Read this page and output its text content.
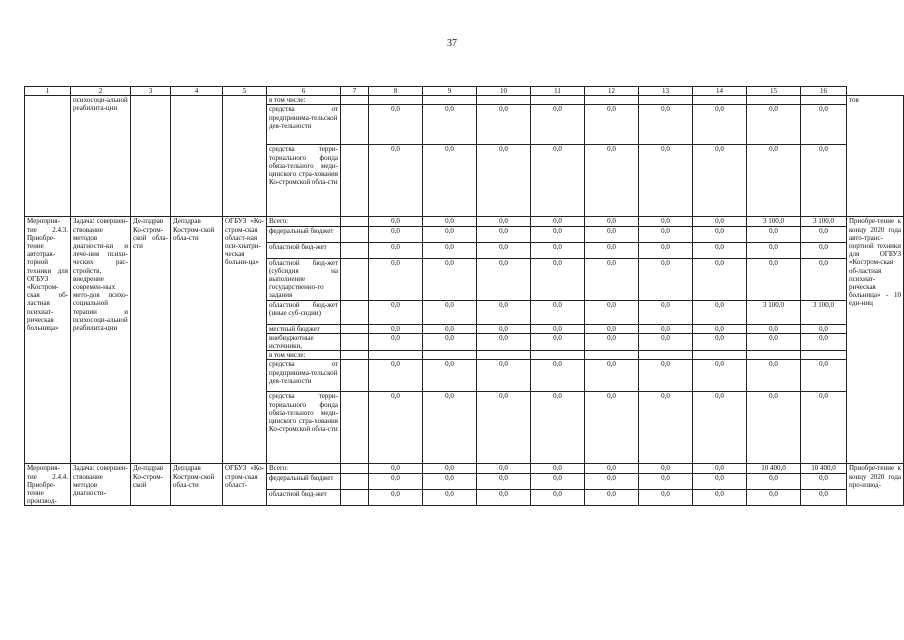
37
1	2	3	4	5	6	7	8	9	10	11	12	13	14	15	16	
	психосоци-альной реабилита-ции				в том числе:											тов
					средства от предпринима-тельской дея-тельности		0,0	0,0	0,0	0,0	0,0	0,0	0,0	0,0	0,0	
					средства терри-ториального фонда обяза-тельного меди-цинского стра-хования Ко-стромской обла-сти		0,0	0,0	0,0	0,0	0,0	0,0	0,0	0,0	0,0	
Мероприя-тие 2.4.3. Приобре-тение автотрак-торной техники для ОГБУЗ «Костром-ская об-ластная психиат-рическая больница»	Задача: совершен-ствование методов диагности-ки и лече-ния психи-ческих рас-стройств, внедрение современ-ных мето-дов психо-социальной терапии и психосоци-альной реабилита-ции	Де-пздрав Ко-стром-ской обла-сти	Депздрав Костром-ской обла-сти	ОГБУЗ «Ко-стром-ская област-ная пси-хиатри-ческая больни-ца»	Всего:		0,0	0,0	0,0	0,0	0,0	0,0	0,0	3 100,0	3 100,0	Приобре-тение к концу 2020 года авто-транс-портной техники для ОГБУЗ «Костром-ская об-ластная психиат-рическая больница» - 10 еди-ниц
					федеральный бюджет		0,0	0,0	0,0	0,0	0,0	0,0	0,0	0,0	0,0	
					областной бюд-жет		0,0	0,0	0,0	0,0	0,0	0,0	0,0	0,0	0,0	
					областной бюд-жет (субсидия на выполнение государственно-го задания		0,0	0,0	0,0	0,0	0,0	0,0	0,0	0,0	0,0	
					областной бюд-жет (иные суб-сидии)		0,0	0,0	0,0	0,0	0,0	0,0	0,0	3 100,0	3 100,0	
					местный бюджет		0,0	0,0	0,0	0,0	0,0	0,0	0,0	0,0	0,0	
					внебюджетные источники,		0,0	0,0	0,0	0,0	0,0	0,0	0,0	0,0	0,0	
					в том числе:											
					средства от предпринима-тельской дея-тельности		0,0	0,0	0,0	0,0	0,0	0,0	0,0	0,0	0,0	
					средства терри-ториального фонда обяза-тельного меди-цинского стра-хования Ко-стромской обла-сти		0,0	0,0	0,0	0,0	0,0	0,0	0,0	0,0	0,0	
Мероприя-тие 2.4.4. Приобре-тение производ-	Задача: совершен-ствование методов диагности-	Де-пздрав Ко-стром-ской	Депздрав Костром-ской обла-сти	ОГБУЗ «Ко-стром-ская област-	Всего:		0,0	0,0	0,0	0,0	0,0	0,0	0,0	10 400,0	10 400,0	Приобре-тение к концу 2020 года про-извод-
					федеральный бюджет		0,0	0,0	0,0	0,0	0,0	0,0	0,0	0,0	0,0	
					областной бюд-жет		0,0	0,0	0,0	0,0	0,0	0,0	0,0	0,0	0,0	
